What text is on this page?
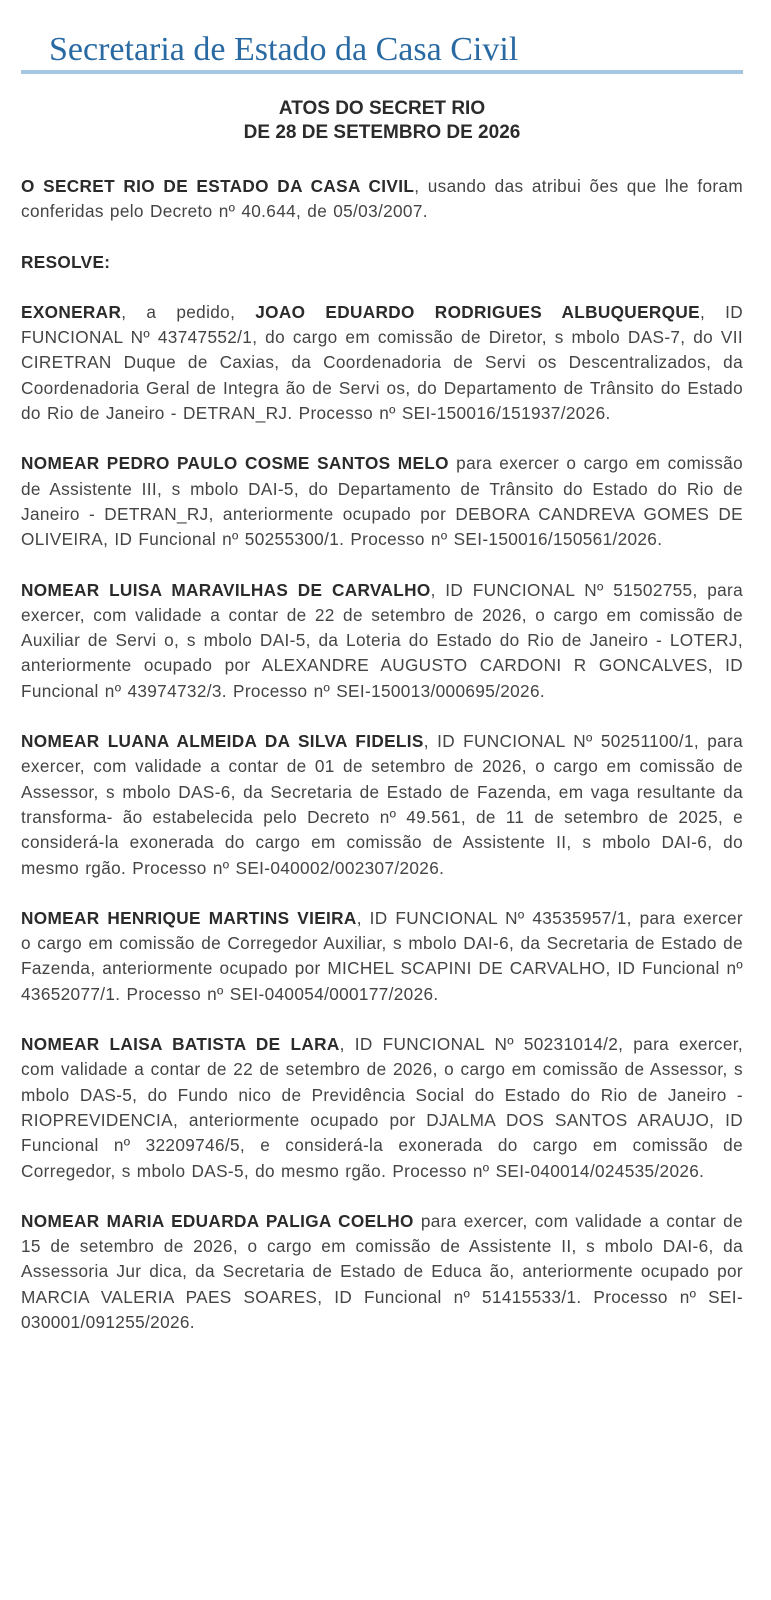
Secretaria de Estado da Casa Civil
ATOS DO SECRET RIO
DE 28 DE SETEMBRO DE 2026

O SECRET RIO DE ESTADO DA CASA CIVIL, usando das atribui ões que lhe foram conferidas pelo Decreto nº 40.644, de 05/03/2007.

RESOLVE:

EXONERAR, a pedido, JOAO EDUARDO RODRIGUES ALBUQUERQUE, ID FUNCIONAL Nº 43747552/1, do cargo em comissão de Diretor, s mbolo DAS-7, do VII CIRETRAN Duque de Caxias, da Coordenadoria de Servi os Descentralizados, da Coordenadoria Geral de Integra ão de Servi os, do Departamento de Trânsito do Estado do Rio de Janeiro - DETRAN_RJ. Processo nº SEI-150016/151937/2026.

NOMEAR PEDRO PAULO COSME SANTOS MELO para exercer o cargo em comissão de Assistente III, s mbolo DAI-5, do Departamento de Trânsito do Estado do Rio de Janeiro - DETRAN_RJ, anteriormente ocupado por DEBORA CANDREVA GOMES DE OLIVEIRA, ID Funcional nº 50255300/1. Processo nº SEI-150016/150561/2026.

NOMEAR LUISA MARAVILHAS DE CARVALHO, ID FUNCIONAL Nº 51502755, para exercer, com validade a contar de 22 de setembro de 2026, o cargo em comissão de Auxiliar de Servi o, s mbolo DAI-5, da Loteria do Estado do Rio de Janeiro - LOTERJ, anteriormente ocupado por ALEXANDRE AUGUSTO CARDONI R GONCALVES, ID Funcional nº 43974732/3. Processo nº SEI-150013/000695/2026.

NOMEAR LUANA ALMEIDA DA SILVA FIDELIS, ID FUNCIONAL Nº 50251100/1, para exercer, com validade a contar de 01 de setembro de 2026, o cargo em comissão de Assessor, s mbolo DAS-6, da Secretaria de Estado de Fazenda, em vaga resultante da transforma- ão estabelecida pelo Decreto nº 49.561, de 11 de setembro de 2025, e considerá-la exonerada do cargo em comissão de Assistente II, s mbolo DAI-6, do mesmo rgão. Processo nº SEI-040002/002307/2026.

NOMEAR HENRIQUE MARTINS VIEIRA, ID FUNCIONAL Nº 43535957/1, para exercer o cargo em comissão de Corregedor Auxiliar, s mbolo DAI-6, da Secretaria de Estado de Fazenda, anteriormente ocupado por MICHEL SCAPINI DE CARVALHO, ID Funcional nº 43652077/1. Processo nº SEI-040054/000177/2026.

NOMEAR LAISA BATISTA DE LARA, ID FUNCIONAL Nº 50231014/2, para exercer, com validade a contar de 22 de setembro de 2026, o cargo em comissão de Assessor, s mbolo DAS-5, do Fundo nico de Previdência Social do Estado do Rio de Janeiro - RIOPREVIDENCIA, anteriormente ocupado por DJALMA DOS SANTOS ARAUJO, ID Funcional nº 32209746/5, e considerá-la exonerada do cargo em comissão de Corregedor, s mbolo DAS-5, do mesmo rgão. Processo nº SEI-040014/024535/2026.

NOMEAR MARIA EDUARDA PALIGA COELHO para exercer, com validade a contar de 15 de setembro de 2026, o cargo em comissão de Assistente II, s mbolo DAI-6, da Assessoria Jur dica, da Secretaria de Estado de Educa ão, anteriormente ocupado por MARCIA VALERIA PAES SOARES, ID Funcional nº 51415533/1. Processo nº SEI-030001/091255/2026.
